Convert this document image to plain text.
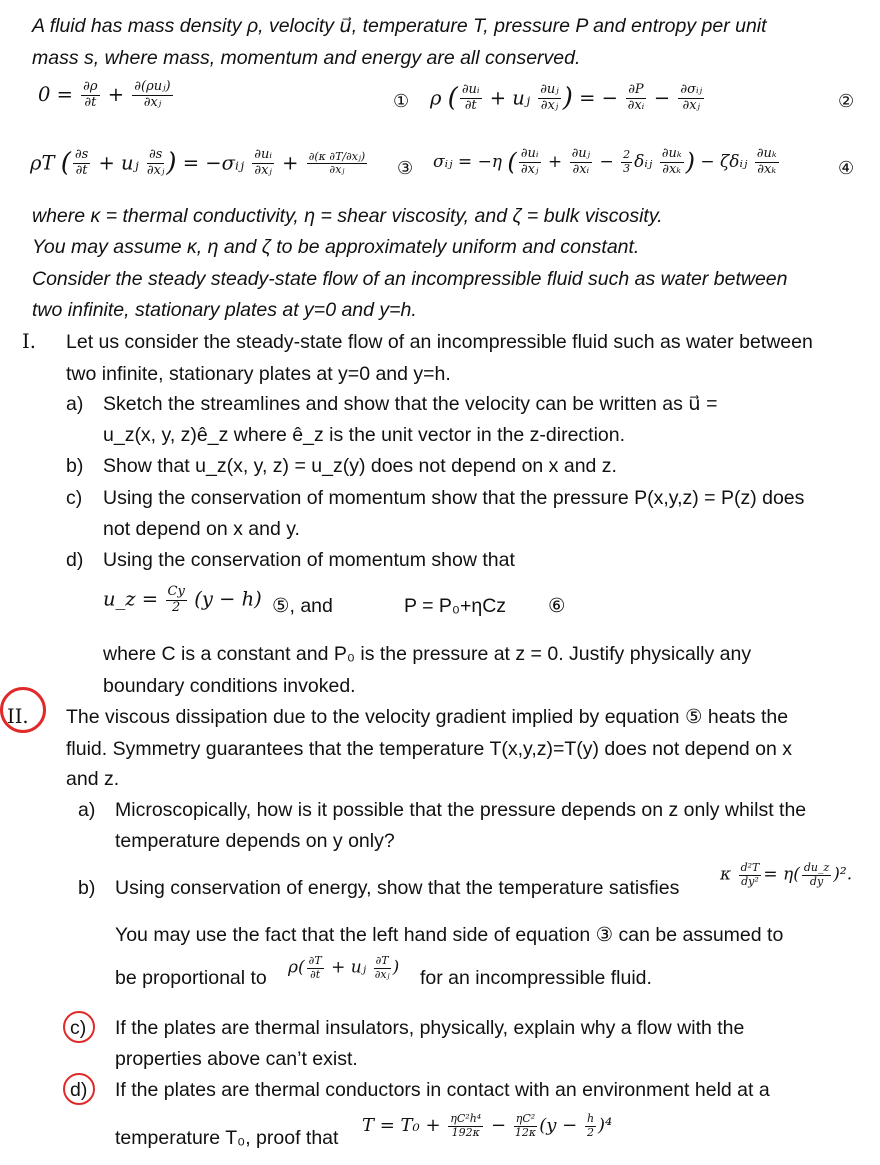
A fluid has mass density ρ, velocity u⃗, temperature T, pressure P and entropy per unit
mass s, where mass, momentum and energy are all conserved.
$0 = \frac{\partial\rho}{\partial t} + \frac{\text{∂(ρuⱼ)}}{\text{∂xⱼ}}$	① ρ ( $\frac{\text{∂uᵢ}}{\partial t}$ + uⱼ $\frac{\text{∂uⱼ}}{\text{∂xⱼ}}$ ) = − $\frac{\partial P}{\text{∂xᵢ}} - \frac{\text{∂σᵢⱼ}}{\text{∂xⱼ}}$	②
ρT ( $\frac{\partial s}{\partial t}$ + uⱼ $\frac{\partial s}{\text{∂xⱼ}}$ ) = −σᵢⱼ $\frac{\text{∂uᵢ}}{\text{∂xⱼ}} + \frac{\text{∂(κ ∂T/∂xⱼ)}}{\text{∂xⱼ}}$ ③ σᵢⱼ = −η ( $\frac{\text{∂uᵢ}}{\text{∂xⱼ}} + \frac{\text{∂uⱼ}}{\text{∂xᵢ}} - \frac{2}{3}$ δᵢⱼ $\frac{\text{∂uₖ}}{\text{∂xₖ}}$ ) − ζδᵢⱼ $\frac{\text{∂uₖ}}{\text{∂xₖ}}$	④
where κ = thermal conductivity, η = shear viscosity, and ζ = bulk viscosity.
You may assume κ, η and ζ to be approximately uniform and constant.
Consider the steady steady-state flow of an incompressible fluid such as water between
two infinite, stationary plates at y=0 and y=h.
I. Let us consider the steady-state flow of an incompressible fluid such as water between
two infinite, stationary plates at y=0 and y=h.
a) Sketch the streamlines and show that the velocity can be written as u⃗ =
u_z(x, y, z)ê_z where ê_z is the unit vector in the z-direction.
b) Show that u_z(x, y, z) = u_z(y) does not depend on x and z.
c) Using the conservation of momentum show that the pressure P(x,y,z) = P(z) does
not depend on x and y.
d) Using the conservation of momentum show that
u_z = $\frac{Cy}{2} (y - h)$ ⑤, and	P = P₀+ηCz ⑥
where C is a constant and P₀ is the pressure at z = 0. Justify physically any
boundary conditions invoked.
II. The viscous dissipation due to the velocity gradient implied by equation ⑤ heats the
fluid. Symmetry guarantees that the temperature T(x,y,z)=T(y) does not depend on x
and z.
a) Microscopically, how is it possible that the pressure depends on z only whilst the
temperature depends on y only?
b) Using conservation of energy, show that the temperature satisfies
κ $\frac{\text{d²T}}{\text{dy²}} = \eta( \frac{du\_z}{dy} )^2$.
You may use the fact that the left hand side of equation ③ can be assumed to
be proportional to $\rho( \frac{\partial T}{\partial t}$ + uⱼ $\frac{\partial T}{\text{∂xⱼ}}$ ) for an incompressible fluid.
c) If the plates are thermal insulators, physically, explain why a flow with the
properties above can’t exist.
d) If the plates are thermal conductors in contact with an environment held at a
temperature T₀, proof that
$T = T_0 + \frac{\text{ηC²h⁴}}{192\kappa} - \frac{\text{ηC²}}{12\kappa} (y - \frac{h}{2} )^4$
